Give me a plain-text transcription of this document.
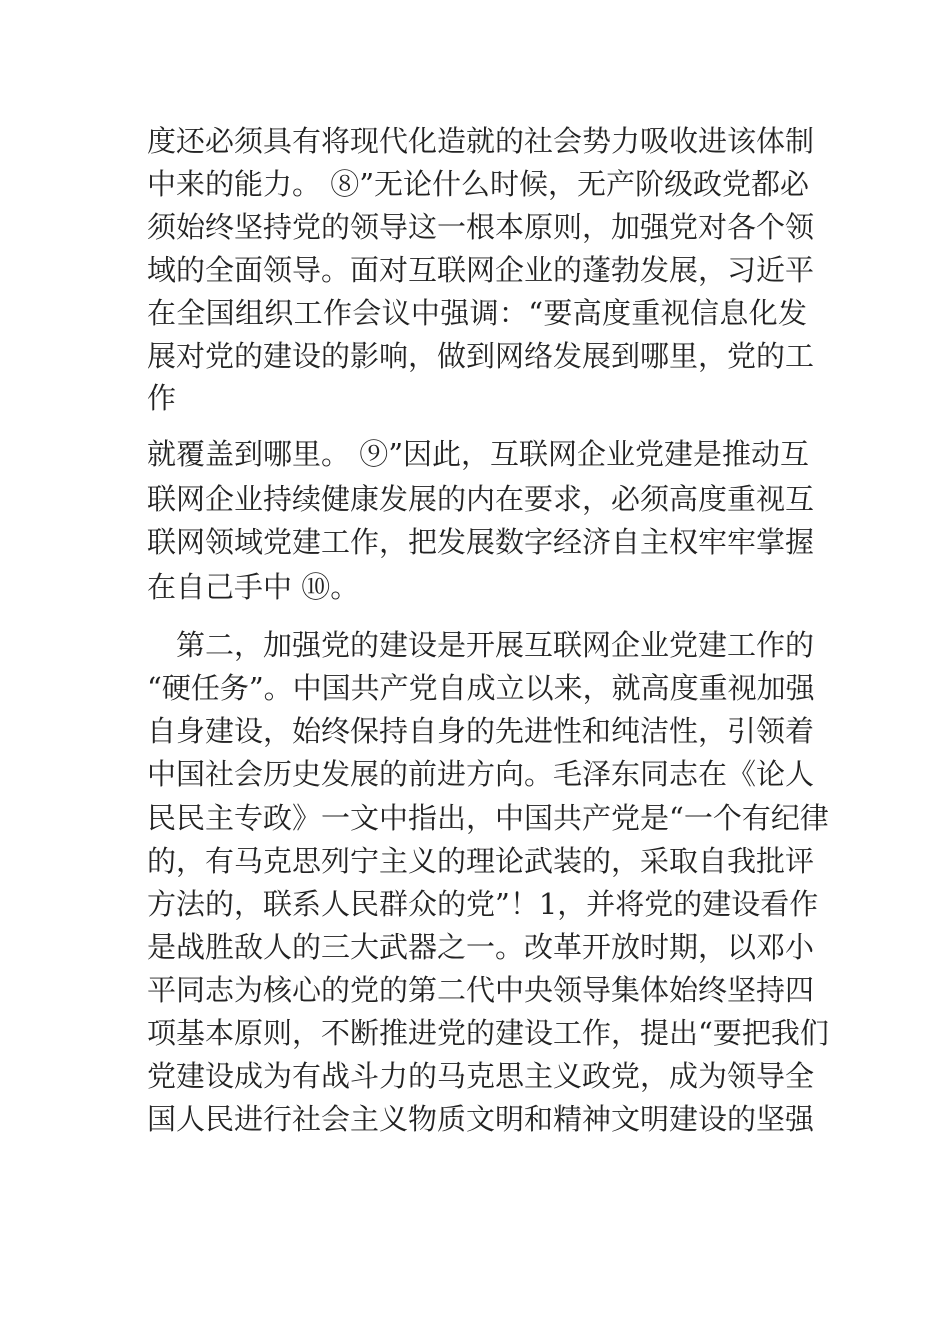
度还必须具有将现代化造就的社会势力吸收进该体制
中来的能力。 ⑧”无论什么时候，无产阶级政党都必
须始终坚持党的领导这一根本原则，加强党对各个领
域的全面领导。面对互联网企业的蓬勃发展，习近平
在全国组织工作会议中强调：“要高度重视信息化发
展对党的建设的影响，做到网络发展到哪里，党的工
作
就覆盖到哪里。 ⑨”因此，互联网企业党建是推动互
联网企业持续健康发展的内在要求，必须高度重视互
联网领域党建工作，把发展数字经济自主权牢牢掌握
在自己手中 ⑩。
　第二，加强党的建设是开展互联网企业党建工作的
“硬任务”。中国共产党自成立以来，就高度重视加强
自身建设，始终保持自身的先进性和纯洁性，引领着
中国社会历史发展的前进方向。毛泽东同志在《论人
民民主专政》一文中指出，中国共产党是“一个有纪律
的，有马克思列宁主义的理论武装的，采取自我批评
方法的，联系人民群众的党”！1，并将党的建设看作
是战胜敌人的三大武器之一。改革开放时期，以邓小
平同志为核心的党的第二代中央领导集体始终坚持四
项基本原则，不断推进党的建设工作，提出“要把我们
党建设成为有战斗力的马克思主义政党，成为领导全
国人民进行社会主义物质文明和精神文明建设的坚强
